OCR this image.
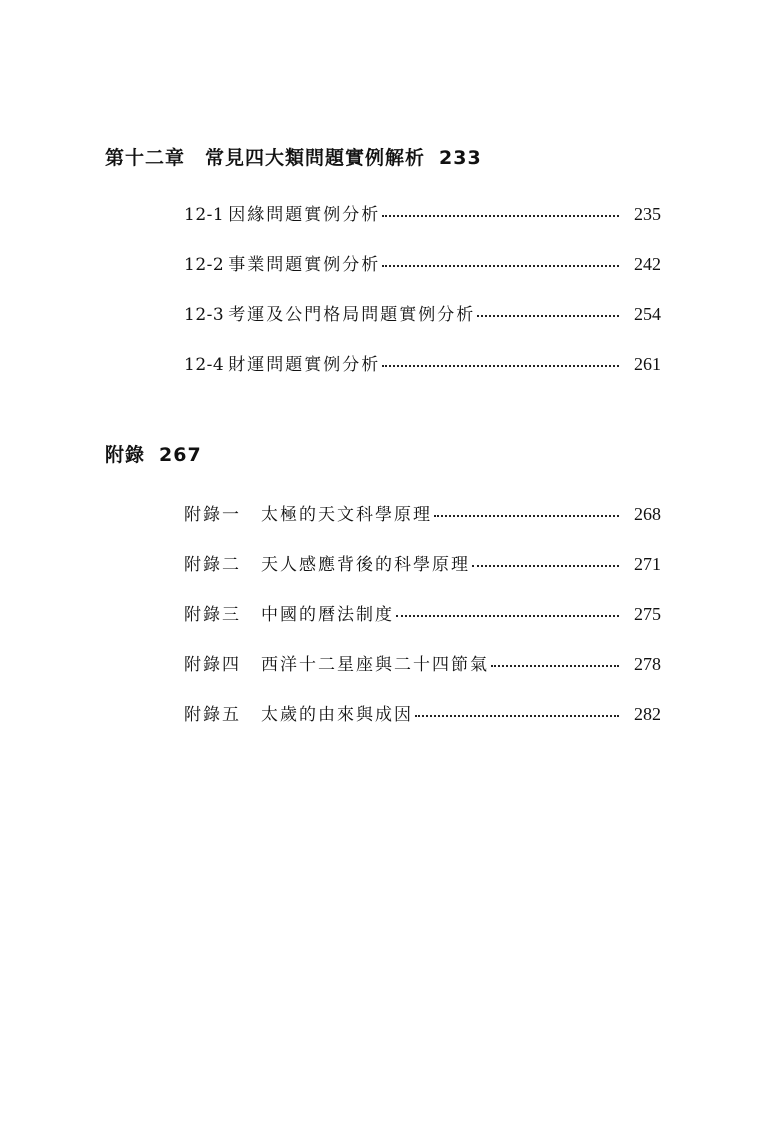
第十二章　常見四大類問題實例解析 233
12-1 因緣問題實例分析	235
12-2 事業問題實例分析	242
12-3 考運及公門格局問題實例分析	254
12-4 財運問題實例分析	261
附錄 267
附錄一 太極的天文科學原理	268
附錄二 天人感應背後的科學原理	271
附錄三 中國的曆法制度	275
附錄四 西洋十二星座與二十四節氣	278
附錄五 太歲的由來與成因	282
